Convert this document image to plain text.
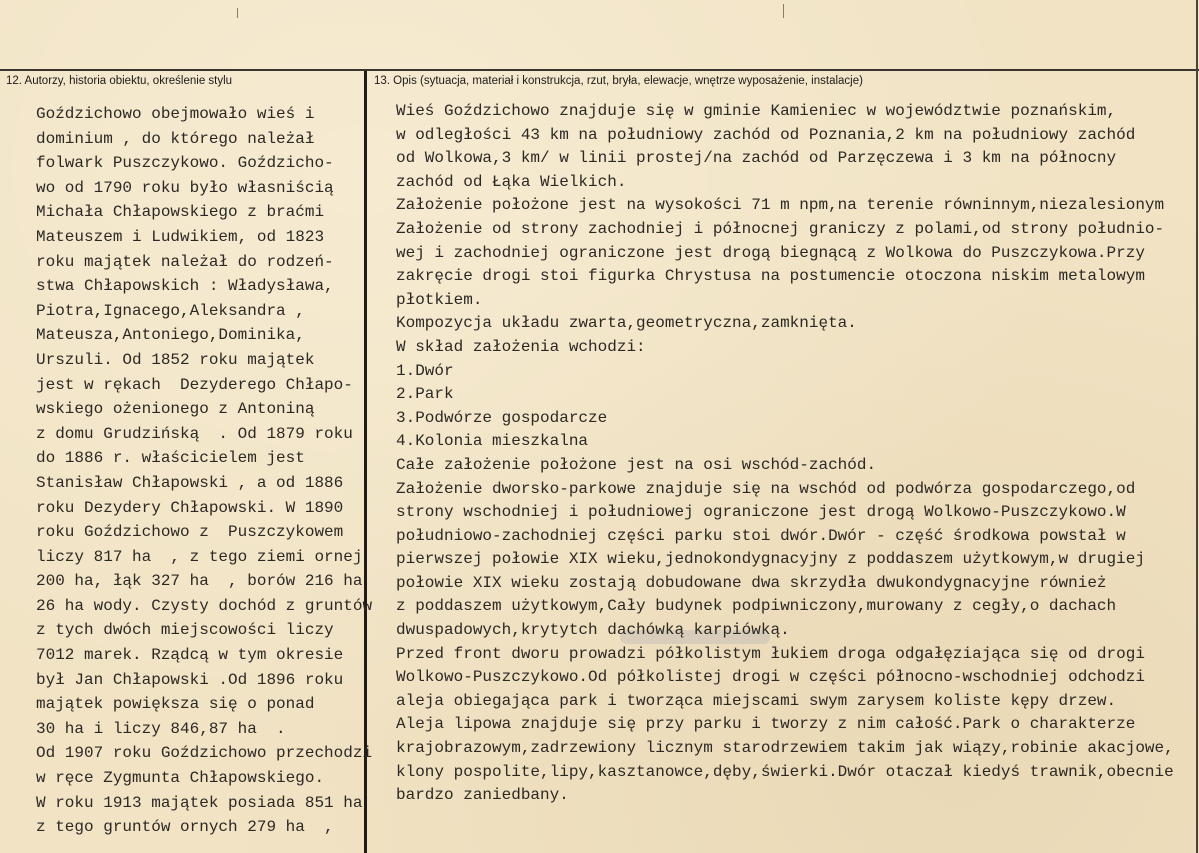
12. Autorzy, historia obiektu, określenie stylu	13. Opis (sytuacja, materiał i konstrukcja, rzut, bryła, elewacje, wnętrze wyposażenie, instalacje)
Goździchowo obejmowało wieś i
dominium , do którego należał
folwark Puszczykowo. Goździcho-
wo od 1790 roku było własniścią
Michała Chłapowskiego z braćmi
Mateuszem i Ludwikiem, od 1823
roku majątek należał do rodzeń-
stwa Chłapowskich : Władysława,
Piotra,Ignacego,Aleksandra ,
Mateusza,Antoniego,Dominika,
Urszuli. Od 1852 roku majątek
jest w rękach  Dezyderego Chłapo-
wskiego ożenionego z Antoniną
z domu Grudzińską  . Od 1879 roku
do 1886 r. właścicielem jest
Stanisław Chłapowski , a od 1886
roku Dezydery Chłapowski. W 1890
roku Goździchowo z  Puszczykowem
liczy 817 ha  , z tego ziemi ornej
200 ha, łąk 327 ha  , borów 216 ha
26 ha wody. Czysty dochód z gruntów
z tych dwóch miejscowości liczy
7012 marek. Rządcą w tym okresie
był Jan Chłapowski .Od 1896 roku
majątek powiększa się o ponad
30 ha i liczy 846,87 ha  .
Od 1907 roku Goździchowo przechodzi
w ręce Zygmunta Chłapowskiego.
W roku 1913 majątek posiada 851 ha
z tego gruntów ornych 279 ha  ,
Wieś Goździchowo znajduje się w gminie Kamieniec w województwie poznańskim,
w odległości 43 km na południowy zachód od Poznania,2 km na południowy zachód
od Wolkowa,3 km/ w linii prostej/na zachód od Parzęczewa i 3 km na północny
zachód od Łąka Wielkich.
Założenie położone jest na wysokości 71 m npm,na terenie równinnym,niezalesionym
Założenie od strony zachodniej i północnej graniczy z polami,od strony południo-
wej i zachodniej ograniczone jest drogą biegnącą z Wolkowa do Puszczykowa.Przy
zakręcie drogi stoi figurka Chrystusa na postumencie otoczona niskim metalowym
płotkiem.
Kompozycja układu zwarta,geometryczna,zamknięta.
W skład założenia wchodzi:
1.Dwór
2.Park
3.Podwórze gospodarcze
4.Kolonia mieszkalna
Całe założenie położone jest na osi wschód-zachód.
Założenie dworsko-parkowe znajduje się na wschód od podwórza gospodarczego,od
strony wschodniej i południowej ograniczone jest drogą Wolkowo-Puszczykowo.W
południowo-zachodniej części parku stoi dwór.Dwór - część środkowa powstał w
pierwszej połowie XIX wieku,jednokondygnacyjny z poddaszem użytkowym,w drugiej
połowie XIX wieku zostają dobudowane dwa skrzydła dwukondygnacyjne również
z poddaszem użytkowym,Cały budynek podpiwniczony,murowany z cegły,o dachach
dwuspadowych,krytytch dachówką karpiówką.
Przed front dworu prowadzi półkolistym łukiem droga odgałęziająca się od drogi
Wolkowo-Puszczykowo.Od półkolistej drogi w części północno-wschodniej odchodzi
aleja obiegająca park i tworząca miejscami swym zarysem koliste kępy drzew.
Aleja lipowa znajduje się przy parku i tworzy z nim całość.Park o charakterze
krajobrazowym,zadrzewiony licznym starodrzewiem takim jak wiązy,robinie akacjowe,
klony pospolite,lipy,kasztanowce,dęby,świerki.Dwór otaczał kiedyś trawnik,obecnie
bardzo zaniedbany.
